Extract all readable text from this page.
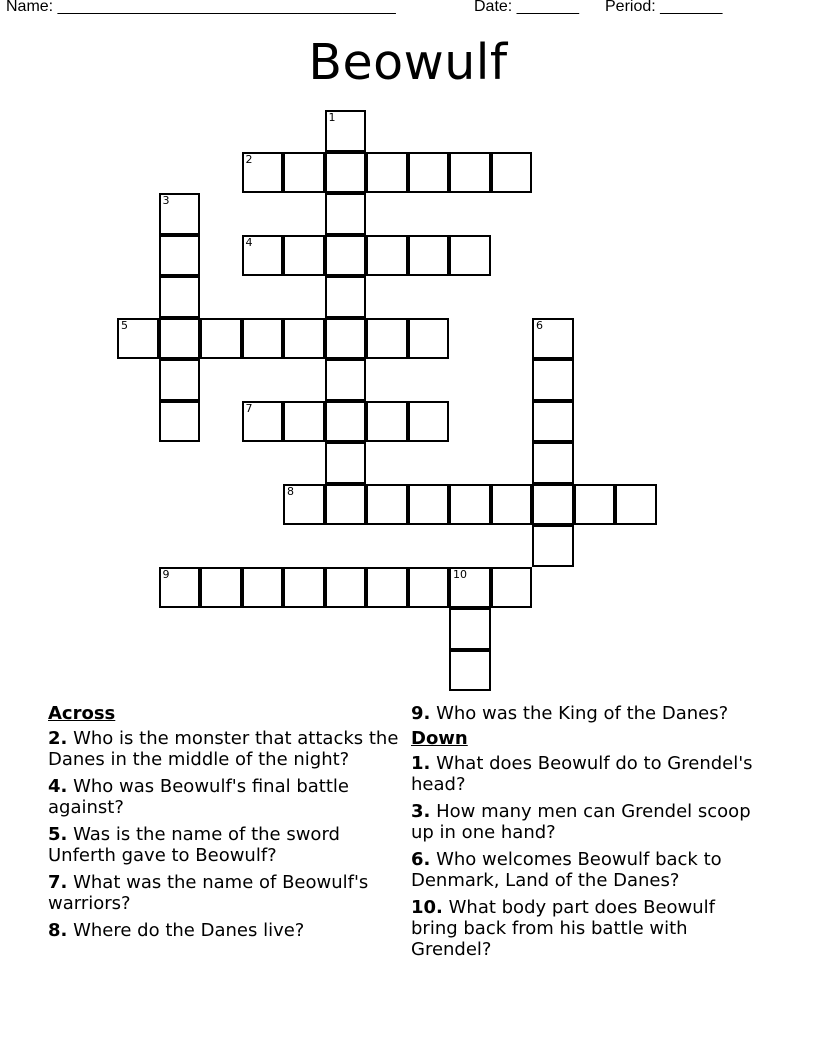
Name: ______________________________________	Date: _______ Period: _______
Beowulf
1
2
3
4
5	6
7
8
9	10
Across
2. Who is the monster that attacks the Danes in the middle of the night?
4. Who was Beowulf's final battle against?
5. Was is the name of the sword Unferth gave to Beowulf?
7. What was the name of Beowulf's warriors?
8. Where do the Danes live?
9. Who was the King of the Danes?
Down
1. What does Beowulf do to Grendel's head?
3. How many men can Grendel scoop up in one hand?
6. Who welcomes Beowulf back to Denmark, Land of the Danes?
10. What body part does Beowulf bring back from his battle with Grendel?
